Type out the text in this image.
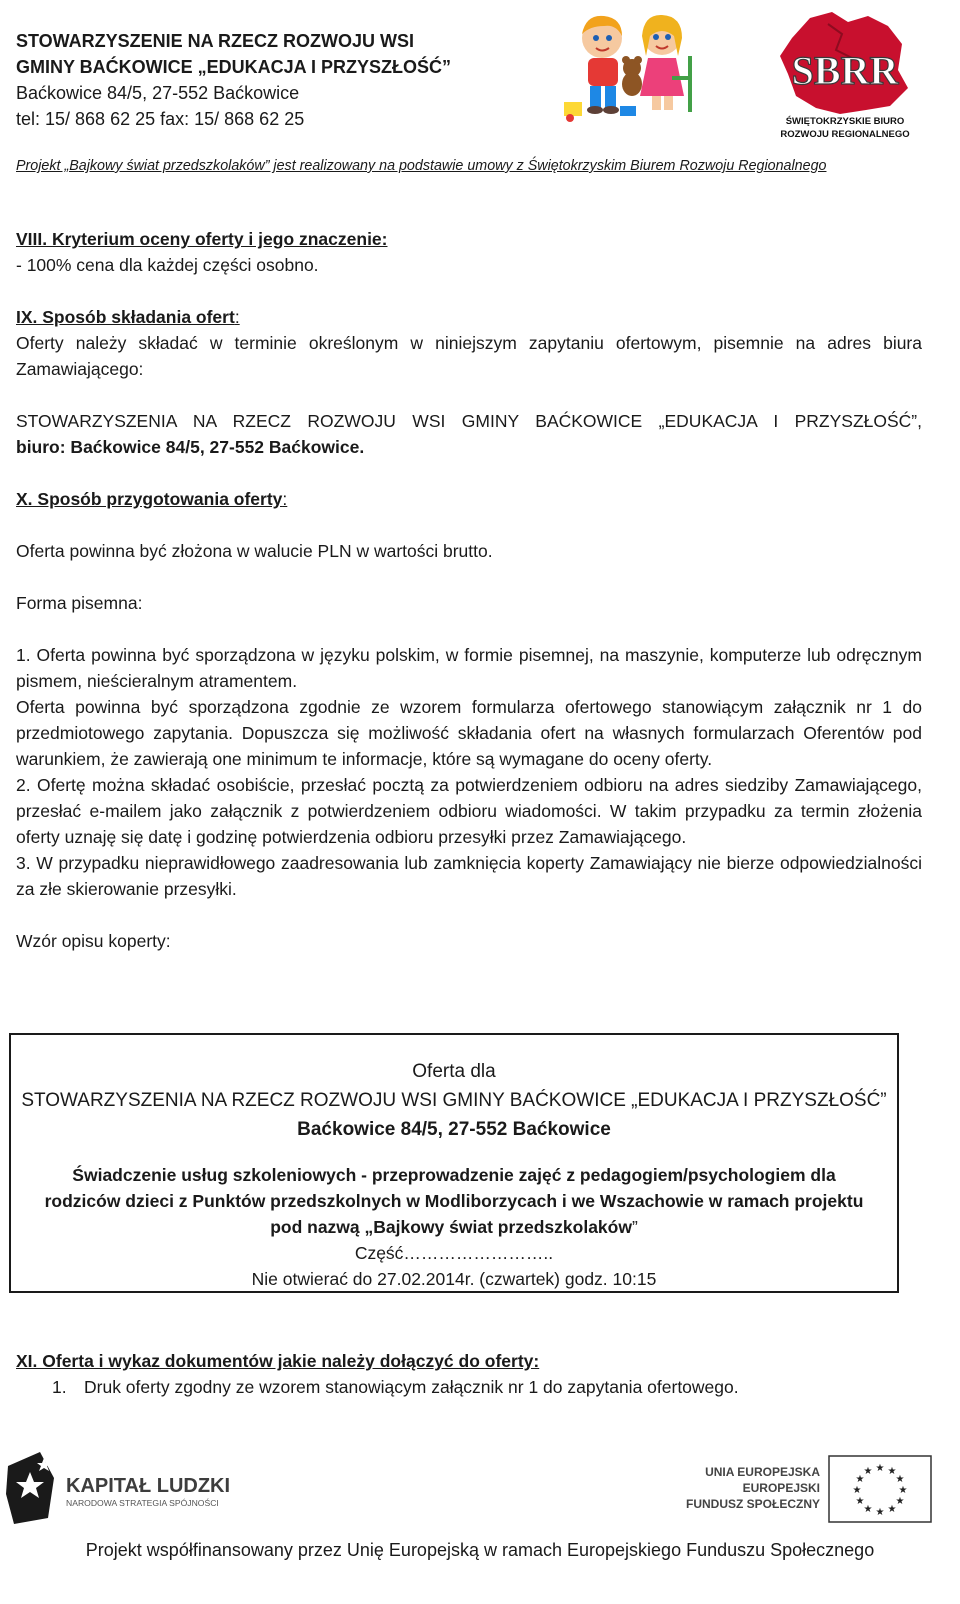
STOWARZYSZENIE NA RZECZ ROZWOJU WSI

GMINY BAĆKOWICE „EDUKACJA I PRZYSZŁOŚĆ”

Baćkowice 84/5, 27-552 Baćkowice

tel: 15/ 868 62 25 fax: 15/ 868 62 25

SBRR
ŚWIĘTOKRZYSKIE BIURO
ROZWOJU REGIONALNEGO
Projekt „Bajkowy świat przedszkolaków” jest realizowany na podstawie umowy z Świętokrzyskim Biurem Rozwoju Regionalnego

VIII. Kryterium oceny oferty i jego znaczenie:

- 100% cena dla każdej części osobno.

IX. Sposób składania ofert:

Oferty należy składać w terminie określonym w niniejszym zapytaniu ofertowym, pisemnie na adres biura Zamawiającego:

STOWARZYSZENIA NA RZECZ ROZWOJU WSI GMINY BAĆKOWICE „EDUKACJA I PRZYSZŁOŚĆ”,

biuro: Baćkowice 84/5, 27-552 Baćkowice.

X. Sposób przygotowania oferty:

Oferta powinna być złożona w walucie PLN w wartości brutto.

Forma pisemna:

1. Oferta powinna być sporządzona w języku polskim, w formie pisemnej, na maszynie, komputerze lub odręcznym pismem, nieścieralnym atramentem.

Oferta powinna być sporządzona zgodnie ze wzorem formularza ofertowego stanowiącym załącznik nr 1 do przedmiotowego zapytania. Dopuszcza się możliwość składania ofert na własnych formularzach Oferentów pod warunkiem, że zawierają one minimum te informacje, które są wymagane do oceny oferty.

2. Ofertę można składać osobiście, przesłać pocztą za potwierdzeniem odbioru na adres siedziby Zamawiającego, przesłać e-mailem jako załącznik z potwierdzeniem odbioru wiadomości. W takim przypadku za termin złożenia oferty uznaję się datę i godzinę potwierdzenia odbioru przesyłki przez Zamawiającego.

3. W przypadku nieprawidłowego zaadresowania lub zamknięcia koperty Zamawiający nie bierze odpowiedzialności za złe skierowanie przesyłki.

Wzór opisu koperty:

Oferta dla

STOWARZYSZENIA NA RZECZ ROZWOJU WSI GMINY BAĆKOWICE „EDUKACJA I PRZYSZŁOŚĆ”

Baćkowice 84/5, 27-552 Baćkowice

Świadczenie usług szkoleniowych - przeprowadzenie zajęć z pedagogiem/psychologiem dla

rodziców dzieci z Punktów przedszkolnych w Modliborzycach i we Wszachowie w ramach projektu

pod nazwą „Bajkowy świat przedszkolaków”

Część……………………..

Nie otwierać do 27.02.2014r. (czwartek) godz. 10:15

XI. Oferta i wykaz dokumentów jakie należy dołączyć do oferty:

1. Druk oferty zgodny ze wzorem stanowiącym załącznik nr 1 do zapytania ofertowego.

KAPITAŁ LUDZKI
NARODOWA STRATEGIA SPÓJNOŚCI
UNIA EUROPEJSKA
EUROPEJSKI
FUNDUSZ SPOŁECZNY
★ ★
★
★
★
★
★
★
★
★
★
★
Projekt współfinansowany przez Unię Europejską w ramach Europejskiego Funduszu Społecznego
